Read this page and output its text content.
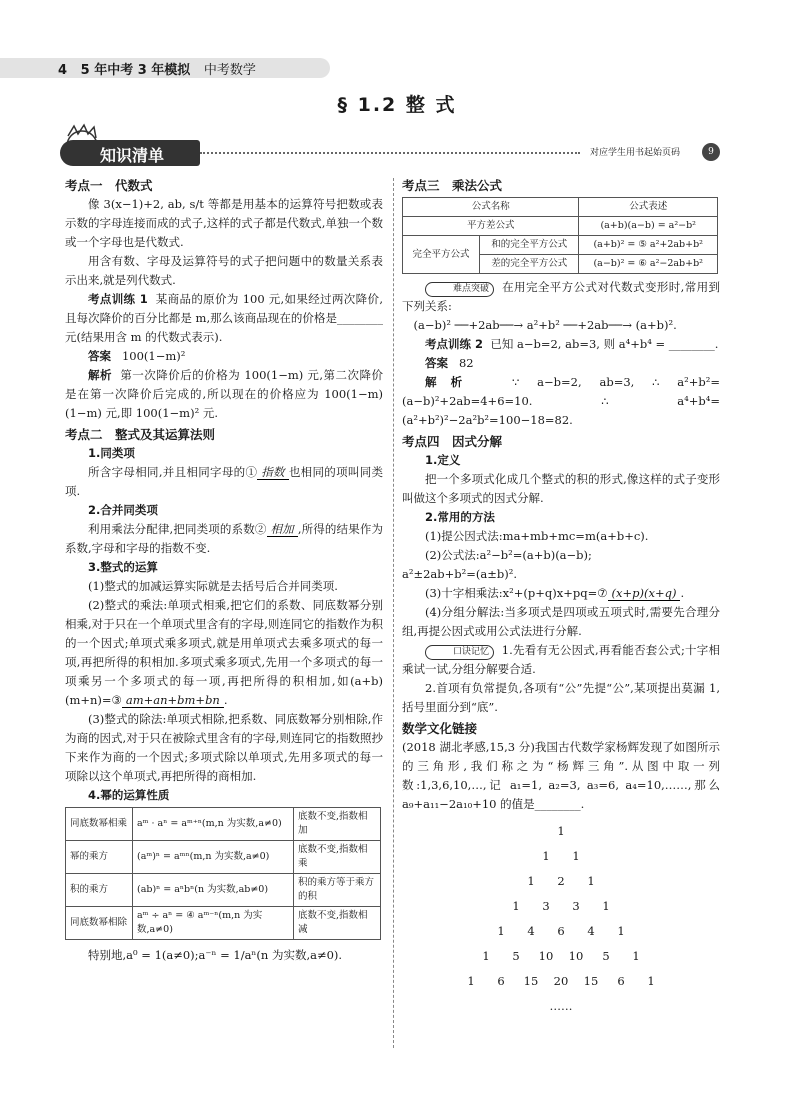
4 5 年中考 3 年模拟 中考数学
§ 1.2 整 式
知识清单	对应学生用书起始页码	9
考点一　代数式

像 3(x−1)+2, ab, s/t 等都是用基本的运算符号把数或表示数的字母连接而成的式子,这样的式子都是代数式,单独一个数或一个字母也是代数式.

用含有数、字母及运算符号的式子把问题中的数量关系表示出来,就是列代数式.

考点训练 1 某商品的原价为 100 元,如果经过两次降价,且每次降价的百分比都是 m,那么该商品现在的价格是________元(结果用含 m 的代数式表示).

答案 100(1−m)²

解析 第一次降价后的价格为 100(1−m) 元,第二次降价是在第一次降价后完成的,所以现在的价格应为 100(1−m)(1−m) 元,即 100(1−m)² 元.

考点二　整式及其运算法则
1.同类项

所含字母相同,并且相同字母的① 指数 也相同的项叫同类项.

2.合并同类项

利用乘法分配律,把同类项的系数② 相加 ,所得的结果作为系数,字母和字母的指数不变.

3.整式的运算

(1)整式的加减运算实际就是去括号后合并同类项.

(2)整式的乘法:单项式相乘,把它们的系数、同底数幂分别相乘,对于只在一个单项式里含有的字母,则连同它的指数作为积的一个因式;单项式乘多项式,就是用单项式去乘多项式的每一项,再把所得的积相加.多项式乘多项式,先用一个多项式的每一项乘另一个多项式的每一项,再把所得的积相加,如(a+b)(m+n)=③ am+an+bm+bn .

(3)整式的除法:单项式相除,把系数、同底数幂分别相除,作为商的因式,对于只在被除式里含有的字母,则连同它的指数照抄下来作为商的一个因式;多项式除以单项式,先用多项式的每一项除以这个单项式,再把所得的商相加.

4.幂的运算性质
同底数幂相乘	aᵐ · aⁿ = aᵐ⁺ⁿ(m,n 为实数,a≠0)	底数不变,指数相加
幂的乘方	(aᵐ)ⁿ = aᵐⁿ(m,n 为实数,a≠0)	底数不变,指数相乘
积的乘方	(ab)ⁿ = aⁿbⁿ(n 为实数,ab≠0)	积的乘方等于乘方的积
同底数幂相除	aᵐ ÷ aⁿ = ④ aᵐ⁻ⁿ(m,n 为实数,a≠0)	底数不变,指数相减

特别地,a⁰ = 1(a≠0);a⁻ⁿ = 1/aⁿ(n 为实数,a≠0).

考点三　乘法公式
公式名称		公式表述
平方差公式		(a+b)(a−b) = a²−b²
完全平方公式	和的完全平方公式	(a+b)² = ⑤ a²+2ab+b²
	差的完全平方公式	(a−b)² = ⑥ a²−2ab+b²

难点突破 在用完全平方公式对代数式变形时,常用到下列关系:

(a−b)² ──+2ab──→ a²+b² ──+2ab──→ (a+b)².

考点训练 2 已知 a−b=2, ab=3, 则 a⁴+b⁴ = ________.

答案 82

解析	∵ a−b=2, ab=3, ∴ a²+b²=(a−b)²+2ab=4+6=10. ∴ a⁴+b⁴=(a²+b²)²−2a²b²=100−18=82.

考点四　因式分解
1.定义

把一个多项式化成几个整式的积的形式,像这样的式子变形叫做这个多项式的因式分解.

2.常用的方法

(1)提公因式法:ma+mb+mc=m(a+b+c).

(2)公式法:a²−b²=(a+b)(a−b);

a²±2ab+b²=(a±b)².

(3)十字相乘法:x²+(p+q)x+pq=⑦ (x+p)(x+q) .

(4)分组分解法:当多项式是四项或五项式时,需要先合理分组,再提公因式或用公式法进行分解.

口诀记忆 1.先看有无公因式,再看能否套公式;十字相乘试一试,分组分解要合适.

2.首项有负常提负,各项有“公”先提“公”,某项提出莫漏 1,括号里面分到“底”.

数学文化链接

(2018 湖北孝感,15,3 分)我国古代数学家杨辉发现了如图所示的三角形,我们称之为“杨辉三角”.从图中取一列数:1,3,6,10,…,记 a₁=1, a₂=3, a₃=6, a₄=10,……,那么 a₉+a₁₁−2a₁₀+10 的值是________.

1
1 1
1 2 1
1 3 3 1
1 4 6 4 1
1 5 10 10 5 1
1 6 15 20 15 6 1
……
